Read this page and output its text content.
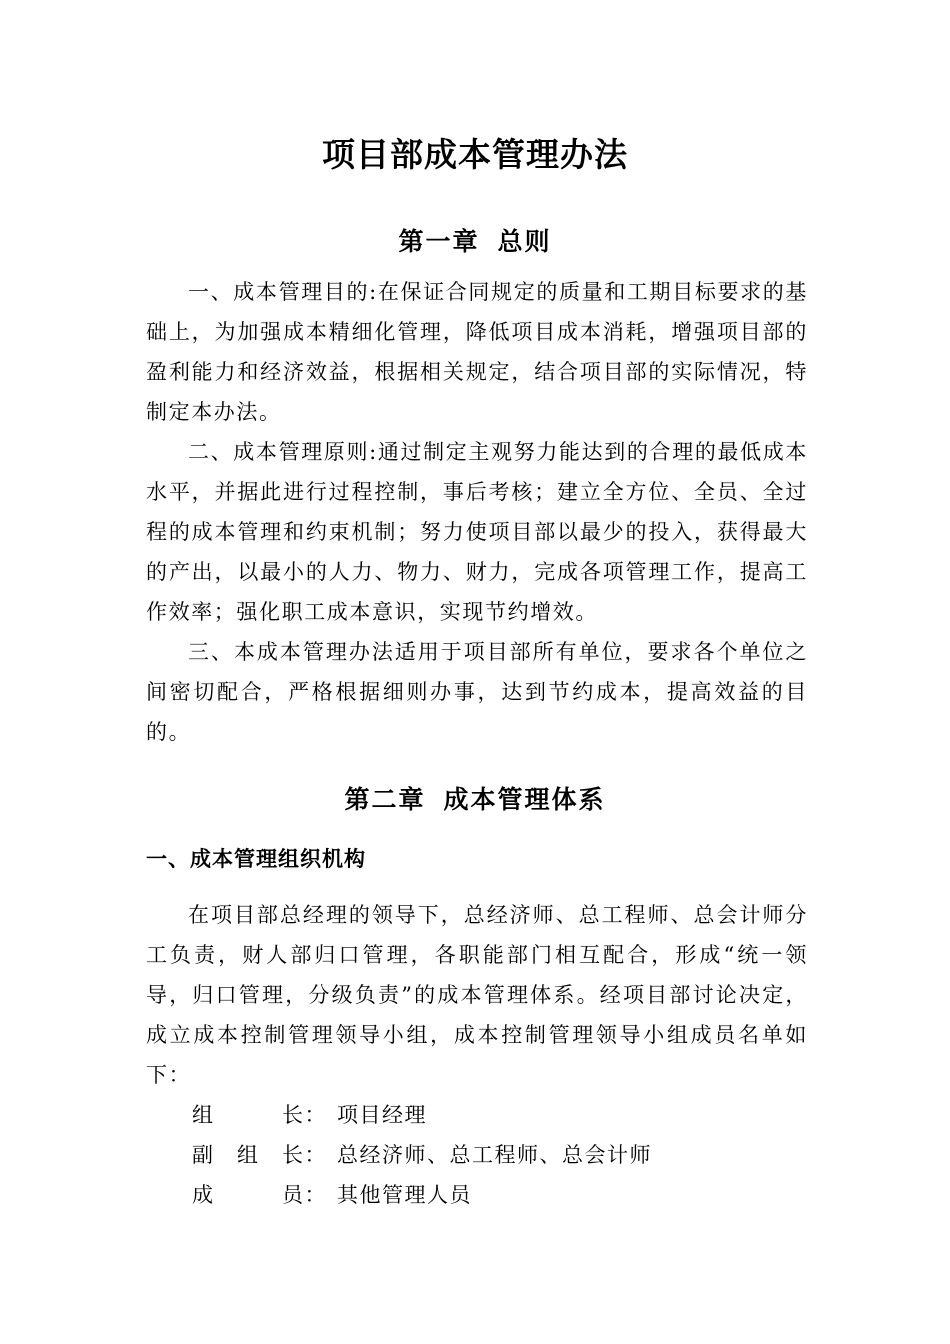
项目部成本管理办法
第一章 总则

一、成本管理目的:在保证合同规定的质量和工期目标要求的基础上，为加强成本精细化管理，降低项目成本消耗，增强项目部的盈利能力和经济效益，根据相关规定，结合项目部的实际情况，特制定本办法。

二、成本管理原则:通过制定主观努力能达到的合理的最低成本水平，并据此进行过程控制，事后考核；建立全方位、全员、全过程的成本管理和约束机制；努力使项目部以最少的投入，获得最大的产出，以最小的人力、物力、财力，完成各项管理工作，提高工作效率；强化职工成本意识，实现节约增效。

三、本成本管理办法适用于项目部所有单位，要求各个单位之间密切配合，严格根据细则办事，达到节约成本，提高效益的目的。

第二章 成本管理体系
一、成本管理组织机构

在项目部总经理的领导下，总经济师、总工程师、总会计师分工负责，财人部归口管理，各职能部门相互配合，形成“统一领导，归口管理，分级负责”的成本管理体系。经项目部讨论决定，成立成本控制管理领导小组，成本控制管理领导小组成员名单如下：

组　　　长： 项目经理
副　组　长： 总经济师、总工程师、总会计师
成　　　员： 其他管理人员
